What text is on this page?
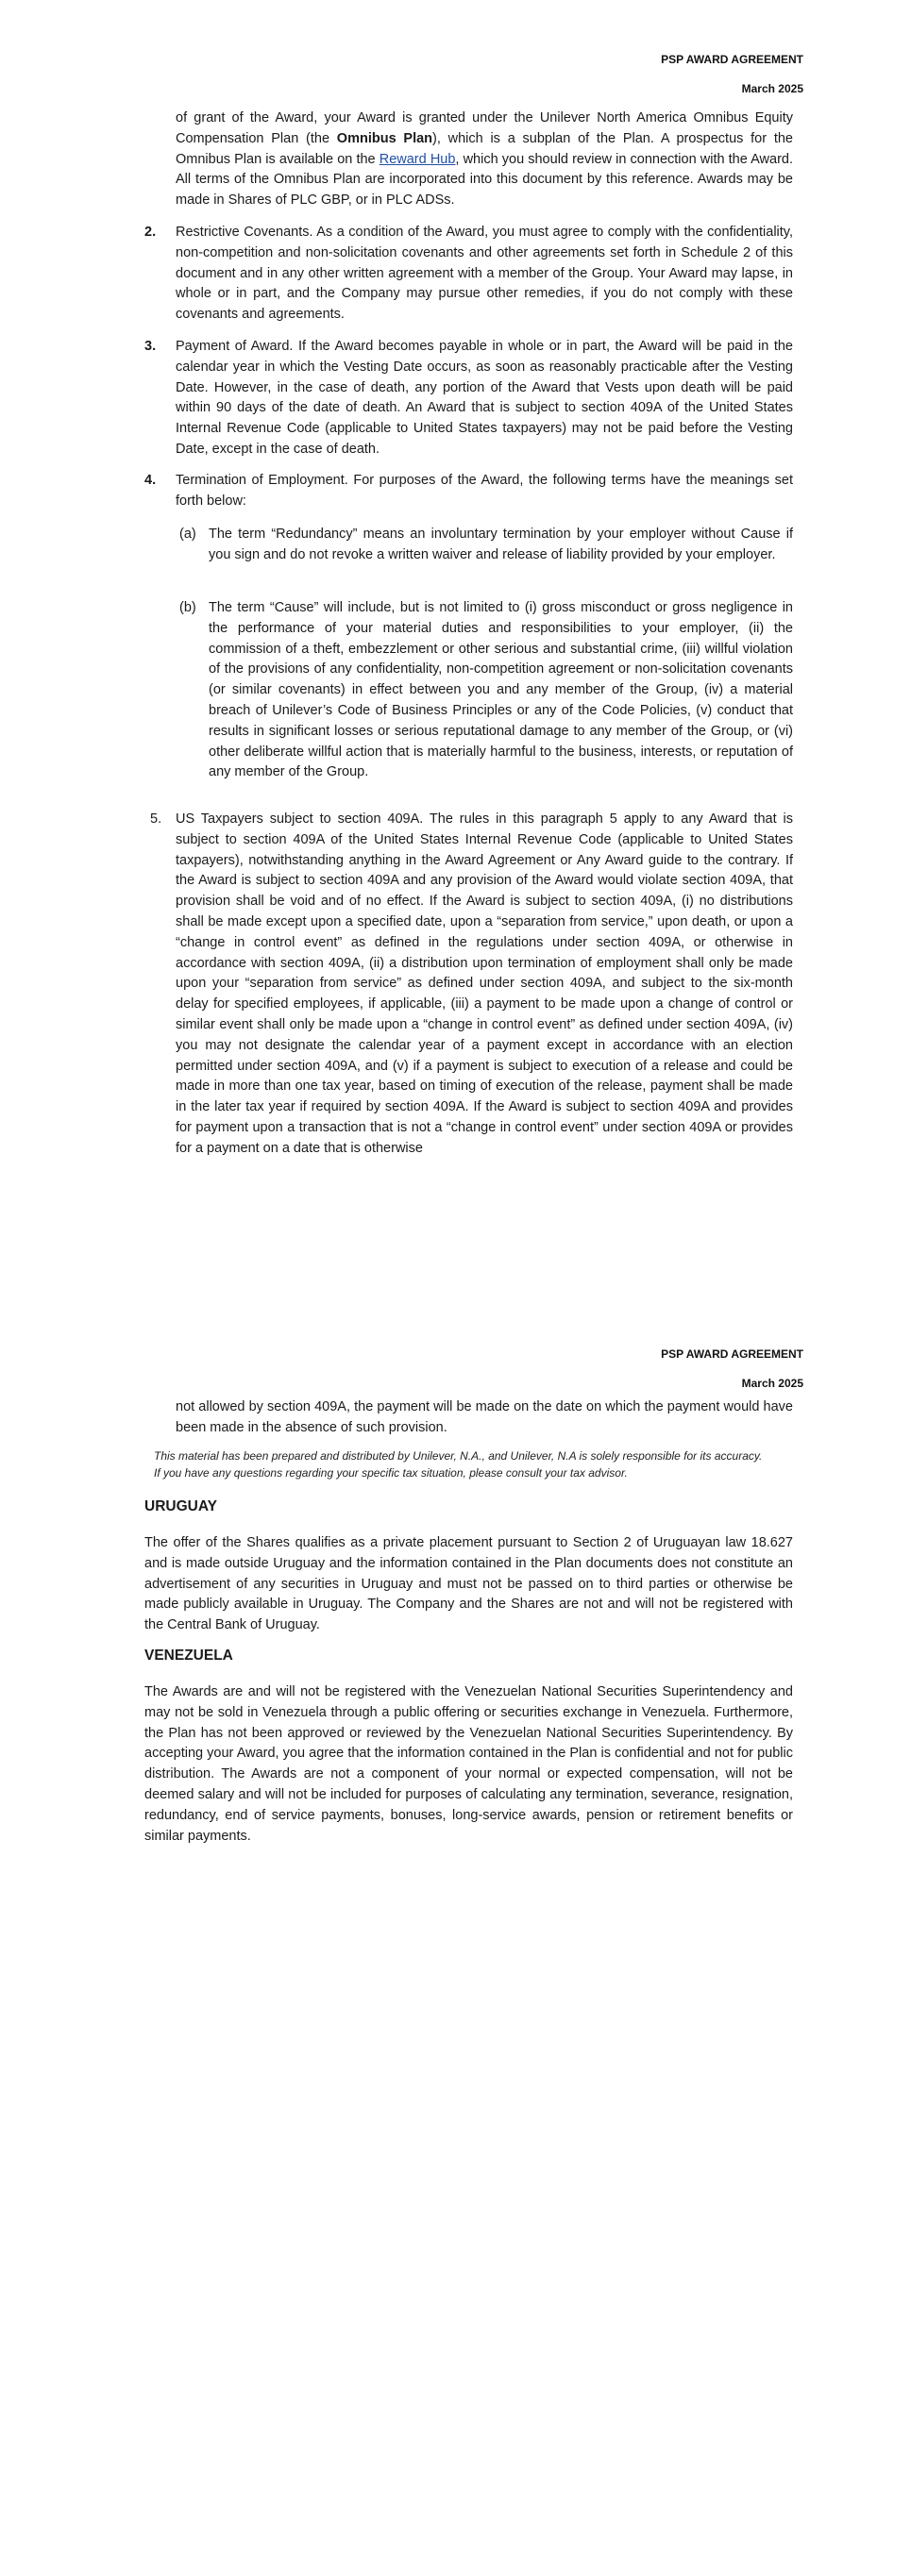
PSP AWARD AGREEMENT
March 2025
of grant of the Award, your Award is granted under the Unilever North America Omnibus Equity Compensation Plan (the Omnibus Plan), which is a subplan of the Plan. A prospectus for the Omnibus Plan is available on the Reward Hub, which you should review in connection with the Award. All terms of the Omnibus Plan are incorporated into this document by this reference. Awards may be made in Shares of PLC GBP, or in PLC ADSs.
2.	Restrictive Covenants. As a condition of the Award, you must agree to comply with the confidentiality, non-competition and non-solicitation covenants and other agreements set forth in Schedule 2 of this document and in any other written agreement with a member of the Group. Your Award may lapse, in whole or in part, and the Company may pursue other remedies, if you do not comply with these covenants and agreements.
3.	Payment of Award. If the Award becomes payable in whole or in part, the Award will be paid in the calendar year in which the Vesting Date occurs, as soon as reasonably practicable after the Vesting Date. However, in the case of death, any portion of the Award that Vests upon death will be paid within 90 days of the date of death. An Award that is subject to section 409A of the United States Internal Revenue Code (applicable to United States taxpayers) may not be paid before the Vesting Date, except in the case of death.
4.	Termination of Employment. For purposes of the Award, the following terms have the meanings set forth below:
(a) The term “Redundancy” means an involuntary termination by your employer without Cause if you sign and do not revoke a written waiver and release of liability provided by your employer.
(b) The term “Cause” will include, but is not limited to (i) gross misconduct or gross negligence in the performance of your material duties and responsibilities to your employer, (ii) the commission of a theft, embezzlement or other serious and substantial crime, (iii) willful violation of the provisions of any confidentiality, non-competition agreement or non-solicitation covenants (or similar covenants) in effect between you and any member of the Group, (iv) a material breach of Unilever’s Code of Business Principles or any of the Code Policies, (v) conduct that results in significant losses or serious reputational damage to any member of the Group, or (vi) other deliberate willful action that is materially harmful to the business, interests, or reputation of any member of the Group.
5.	US Taxpayers subject to section 409A. The rules in this paragraph 5 apply to any Award that is subject to section 409A of the United States Internal Revenue Code (applicable to United States taxpayers), notwithstanding anything in the Award Agreement or Any Award guide to the contrary. If the Award is subject to section 409A and any provision of the Award would violate section 409A, that provision shall be void and of no effect. If the Award is subject to section 409A, (i) no distributions shall be made except upon a specified date, upon a “separation from service,” upon death, or upon a “change in control event” as defined in the regulations under section 409A, or otherwise in accordance with section 409A, (ii) a distribution upon termination of employment shall only be made upon your “separation from service” as defined under section 409A, and subject to the six-month delay for specified employees, if applicable, (iii) a payment to be made upon a change of control or similar event shall only be made upon a “change in control event” as defined under section 409A, (iv) you may not designate the calendar year of a payment except in accordance with an election permitted under section 409A, and (v) if a payment is subject to execution of a release and could be made in more than one tax year, based on timing of execution of the release, payment shall be made in the later tax year if required by section 409A. If the Award is subject to section 409A and provides for payment upon a transaction that is not a “change in control event” under section 409A or provides for a payment on a date that is otherwise
PSP AWARD AGREEMENT
March 2025
not allowed by section 409A, the payment will be made on the date on which the payment would have been made in the absence of such provision.
This material has been prepared and distributed by Unilever, N.A., and Unilever, N.A is solely responsible for its accuracy.
If you have any questions regarding your specific tax situation, please consult your tax advisor.
URUGUAY
The offer of the Shares qualifies as a private placement pursuant to Section 2 of Uruguayan law 18.627 and is made outside Uruguay and the information contained in the Plan documents does not constitute an advertisement of any securities in Uruguay and must not be passed on to third parties or otherwise be made publicly available in Uruguay. The Company and the Shares are not and will not be registered with the Central Bank of Uruguay.
VENEZUELA
The Awards are and will not be registered with the Venezuelan National Securities Superintendency and may not be sold in Venezuela through a public offering or securities exchange in Venezuela. Furthermore, the Plan has not been approved or reviewed by the Venezuelan National Securities Superintendency. By accepting your Award, you agree that the information contained in the Plan is confidential and not for public distribution. The Awards are not a component of your normal or expected compensation, will not be deemed salary and will not be included for purposes of calculating any termination, severance, resignation, redundancy, end of service payments, bonuses, long-service awards, pension or retirement benefits or similar payments.
